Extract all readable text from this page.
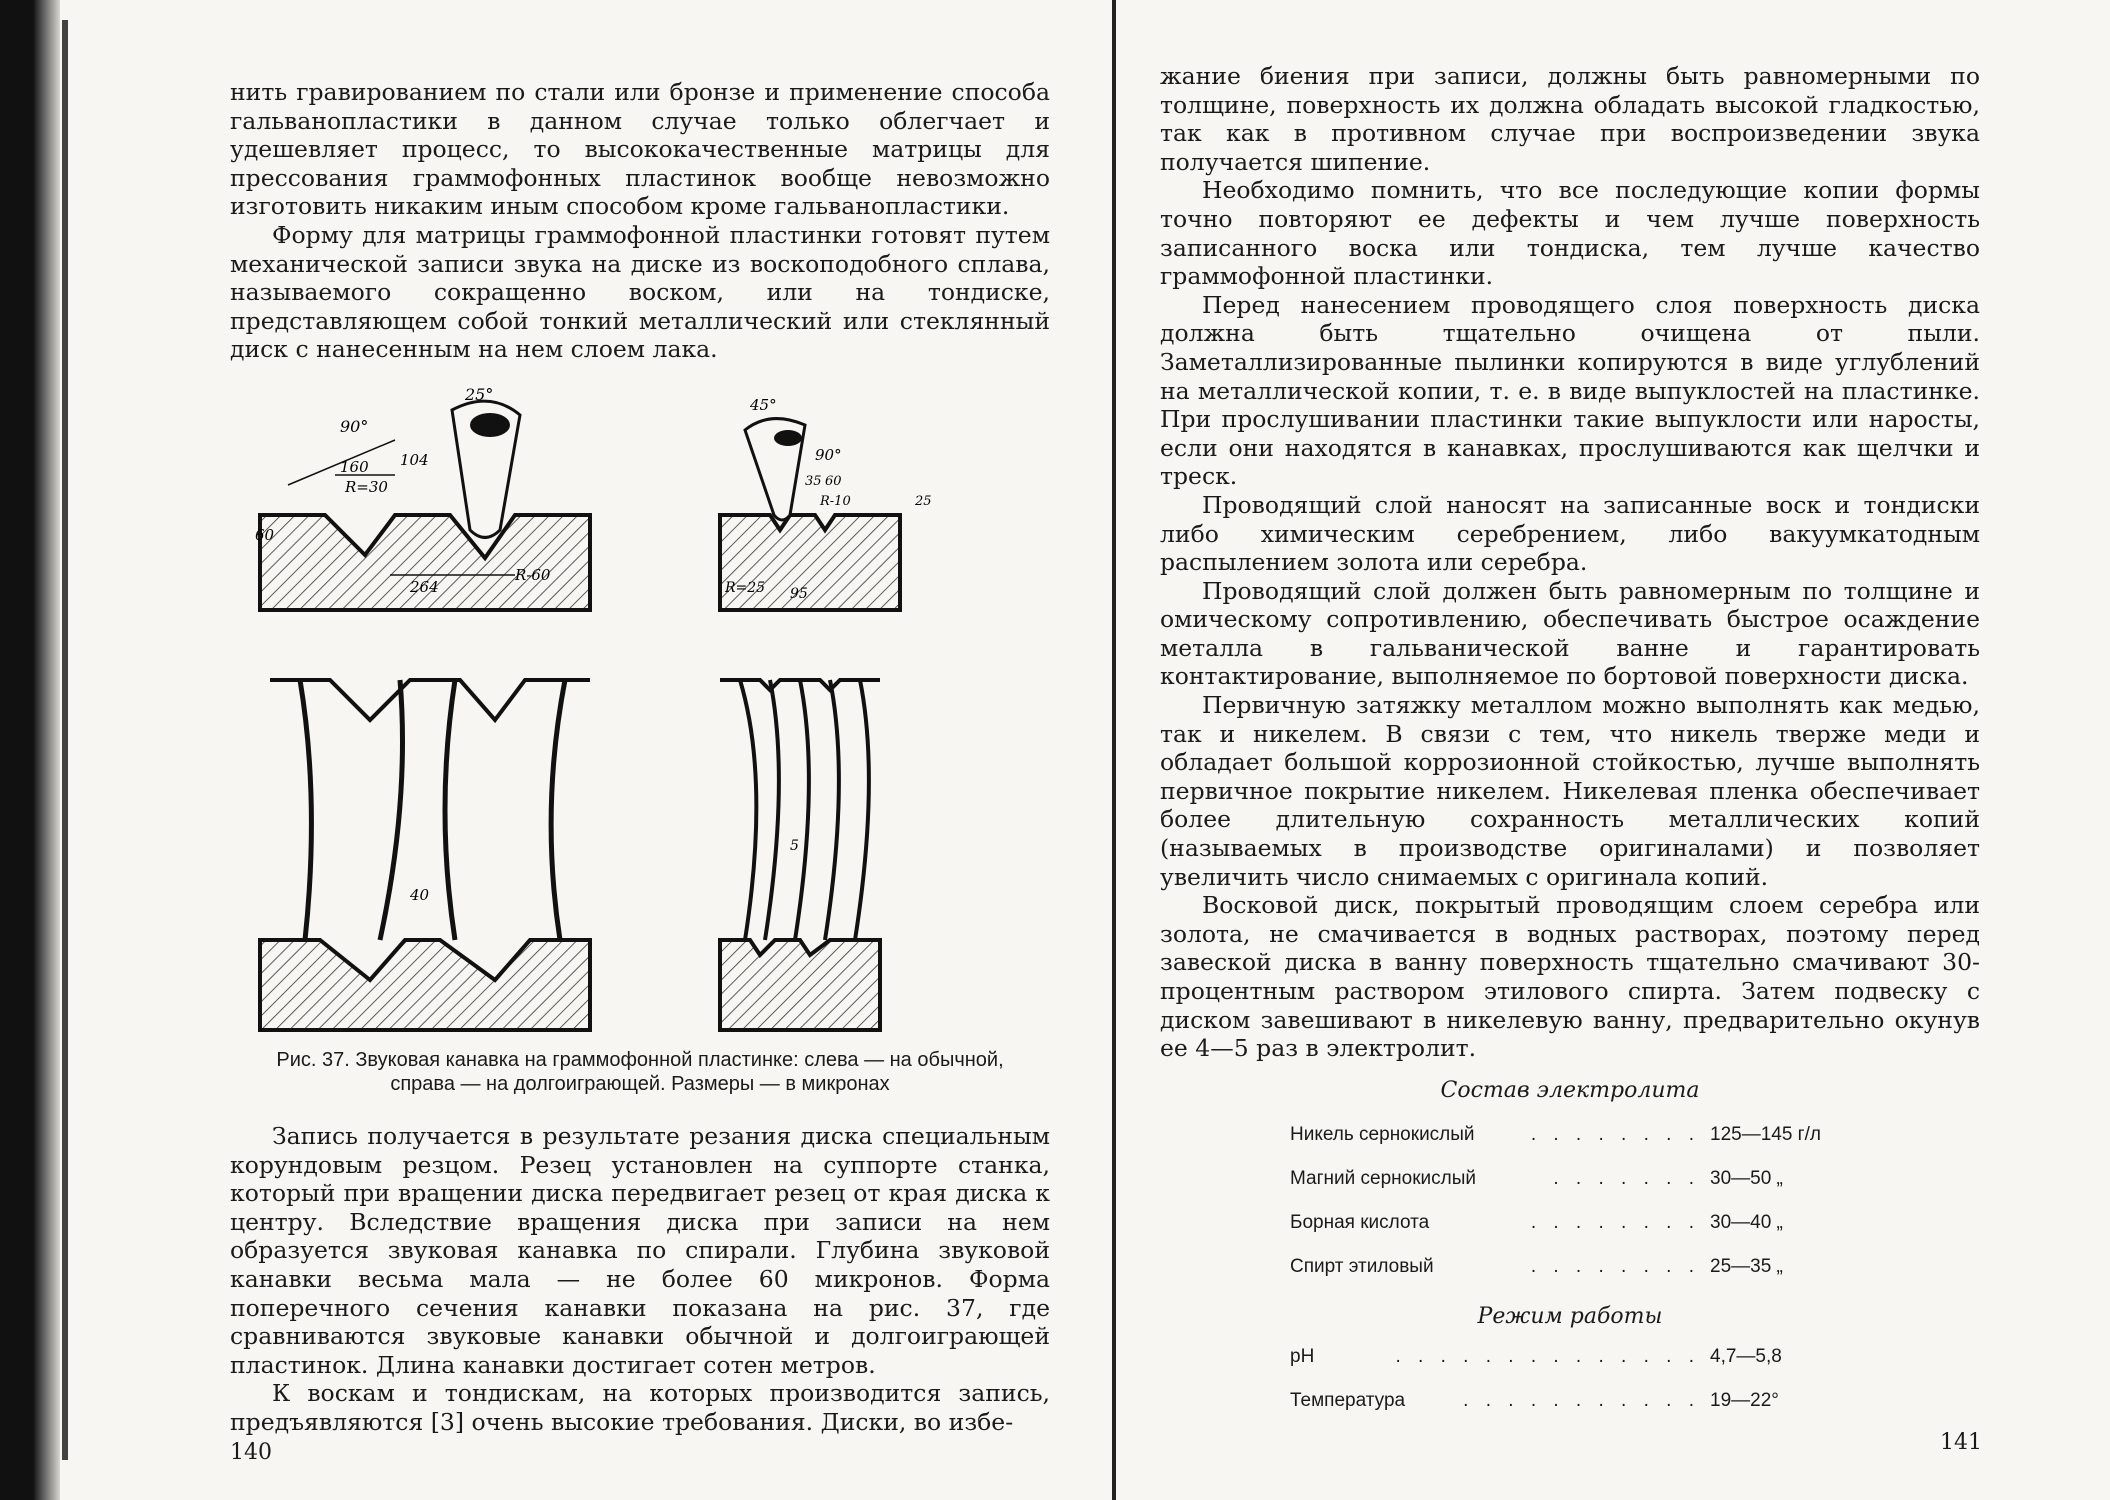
нить гравированием по стали или бронзе и применение способа гальванопластики в данном случае только облегчает и удешевляет процесс, то высококачественные матрицы для прессования граммофонных пластинок вообще невозможно изготовить никаким иным способом кроме гальванопластики.

Форму для матрицы граммофонной пластинки готовят путем механической записи звука на диске из воскоподобного сплава, называемого сокращенно воском, или на тондиске, представляющем собой тонкий металлический или стеклянный диск с нанесенным на нем слоем лака.

90°
25°
160 104
R=30
60
264
R-60
45°
90°
35 60
R-10	25
R=25 95
40
5
Рис. 37. Звуковая канавка на граммофонной пластинке: слева — на обычной, справа — на долгоиграющей. Размеры — в микронах

Запись получается в результате резания диска специальным корундовым резцом. Резец установлен на суппорте станка, который при вращении диска передвигает резец от края диска к центру. Вследствие вращения диска при записи на нем образуется звуковая канавка по спирали. Глубина звуковой канавки весьма мала — не более 60 микронов. Форма поперечного сечения канавки показана на рис. 37, где сравниваются звуковые канавки обычной и долгоиграющей пластинок. Длина канавки достигает сотен метров.

К воскам и тондискам, на которых производится запись, предъявляются [3] очень высокие требования. Диски, во избе-

140

жание биения при записи, должны быть равномерными по толщине, поверхность их должна обладать высокой гладкостью, так как в противном случае при воспроизведении звука получается шипение.

Необходимо помнить, что все последующие копии формы точно повторяют ее дефекты и чем лучше поверхность записанного воска или тондиска, тем лучше качество граммофонной пластинки.

Перед нанесением проводящего слоя поверхность диска должна быть тщательно очищена от пыли. Заметаллизированные пылинки копируются в виде углублений на металлической копии, т. е. в виде выпуклостей на пластинке. При прослушивании пластинки такие выпуклости или наросты, если они находятся в канавках, прослушиваются как щелчки и треск.

Проводящий слой наносят на записанные воск и тондиски либо химическим серебрением, либо вакуумкатодным распылением золота или серебра.

Проводящий слой должен быть равномерным по толщине и омическому сопротивлению, обеспечивать быстрое осаждение металла в гальванической ванне и гарантировать контактирование, выполняемое по бортовой поверхности диска.

Первичную затяжку металлом можно выполнять как медью, так и никелем. В связи с тем, что никель тверже меди и обладает большой коррозионной стойкостью, лучше выполнять первичное покрытие никелем. Никелевая пленка обеспечивает более длительную сохранность металлических копий (называемых в производстве оригиналами) и позволяет увеличить число снимаемых с оригинала копий.

Восковой диск, покрытый проводящим слоем серебра или золота, не смачивается в водных растворах, поэтому перед завеской диска в ванну поверхность тщательно смачивают 30-процентным раствором этилового спирта. Затем подвеску с диском завешивают в никелевую ванну, предварительно окунув ее 4—5 раз в электролит.

Состав электролита
Никель сернокислый	. . . . . . . . 125—145 г/л
Магний сернокислый	. . . . . . . 30—50 „
Борная кислота	. . . . . . . . 30—40 „
Спирт этиловый	. . . . . . . . 25—35 „
Режим работы
pH	. . . . . . . . . . . . . . 4,7—5,8
Температура	. . . . . . . . . . . 19—22°
141
